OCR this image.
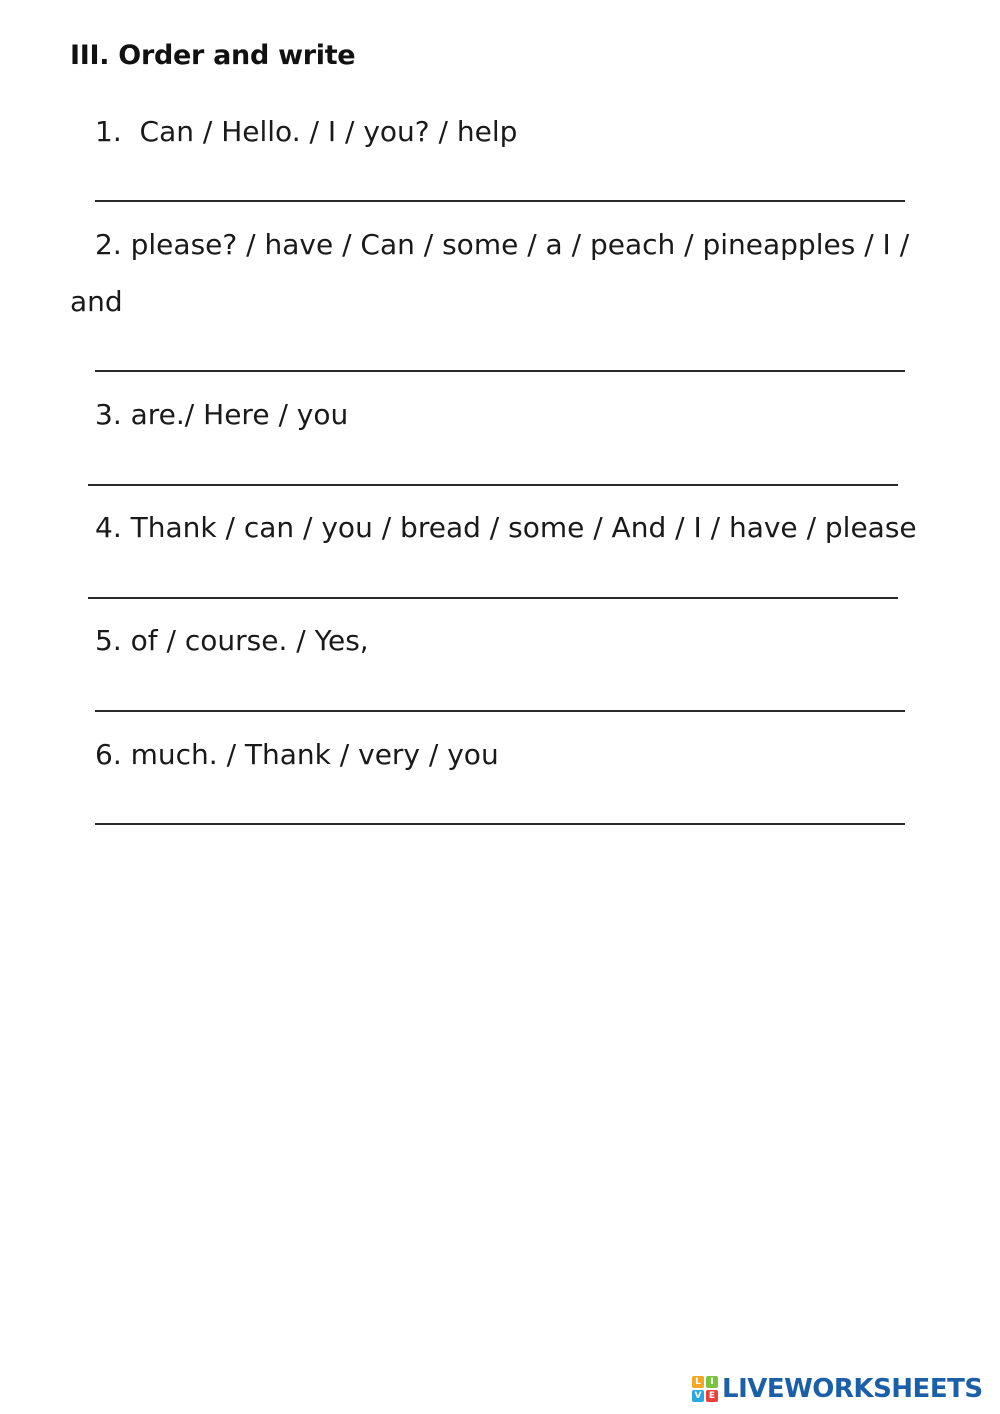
III. Order and write
1. Can / Hello. / I / you? / help
2. please? / have / Can / some / a / peach / pineapples / I /
and
3. are./ Here / you
4. Thank / can / you / bread / some / And / I / have / please
5. of / course. / Yes,
6. much. / Thank / very / you
L	I
V E LIVEWORKSHEETS
